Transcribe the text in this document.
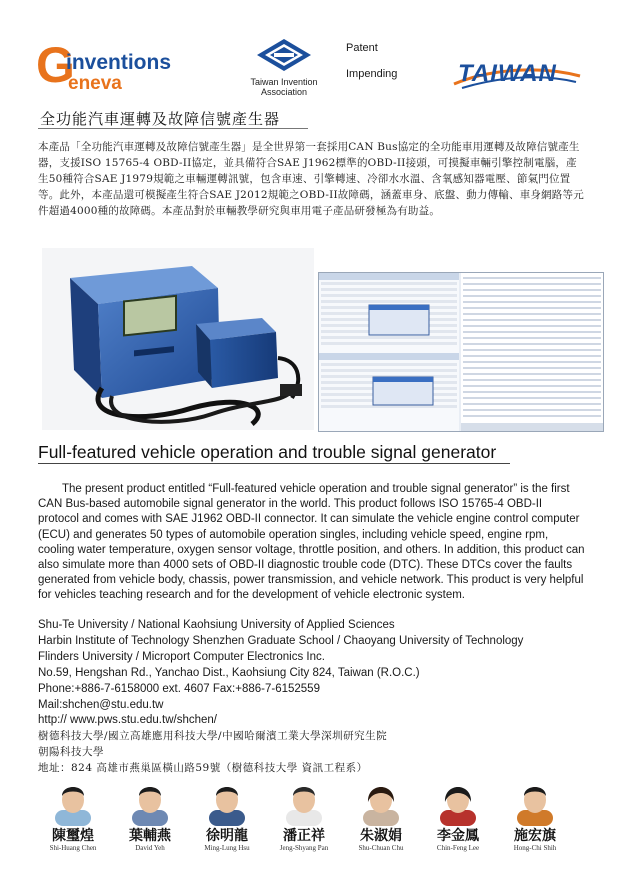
G
inventions
eneva	Taiwan Invention Association
Patent
Impending	TAIWAN
全功能汽車運轉及故障信號產生器
本產品「全功能汽車運轉及故障信號產生器」是全世界第一套採用CAN Bus協定的全功能車用運轉及故障信號產生器，支援ISO 15765-4 OBD-II協定，並具備符合SAE J1962標準的OBD-II接頭，可摸擬車輛引擎控制電腦，產生50種符合SAE J1979規範之車輛運轉訊號，包含車速、引擎轉速、冷卻水水溫、含氧感知器電壓、節氣門位置等。此外，本產品還可模擬產生符合SAE J2012規範之OBD-II故障碼，涵蓋車身、底盤、動力傳輸、車身網路等元件超過4000種的故障碼。本產品對於車輛教學研究與車用電子產品研發極為有助益。
Full-featured vehicle operation and trouble signal generator
The present product entitled “Full-featured vehicle operation and trouble signal generator” is the first CAN Bus-based automobile signal generator in the world. This product follows ISO 15765-4 OBD-II protocol and comes with SAE J1962 OBD-II connector. It can simulate the vehicle engine control computer (ECU) and generates 50 types of automobile operation singles, including vehicle speed, engine rpm, cooling water temperature, oxygen sensor voltage, throttle position, and others. In addition, this product can also simulate more than 4000 sets of OBD-II diagnostic trouble code (DTC). These DTCs cover the faults generated from vehicle body, chassis, power transmission, and vehicle network. This product is very helpful for vehicles teaching research and for the development of vehicle electronic system.
Shu-Te University / National Kaohsiung University of Applied Sciences
Harbin Institute of Technology Shenzhen Graduate School / Chaoyang University of Technology
Flinders University / Microport Computer Electronics Inc.
No.59, Hengshan Rd., Yanchao Dist., Kaohsiung City 824, Taiwan (R.O.C.)
Phone:+886-7-6158000 ext. 4607 Fax:+886-7-6152559
Mail:shchen@stu.edu.tw
http:// www.pws.stu.edu.tw/shchen/
樹德科技大學/國立高雄應用科技大學/中國哈爾濱工業大學深圳研究生院
朝陽科技大學
地址：824 高雄市燕巢區橫山路59號（樹德科技大學 資訊工程系）
陳璽煌
Shi-Huang Chen
葉輔燕
David Yeh
徐明龍
Ming-Lung Hsu
潘正祥
Jeng-Shyang Pan
朱淑娟
Shu-Chuan Chu
李金鳳
Chin-Feng Lee
施宏旗
Hong-Chi Shih
